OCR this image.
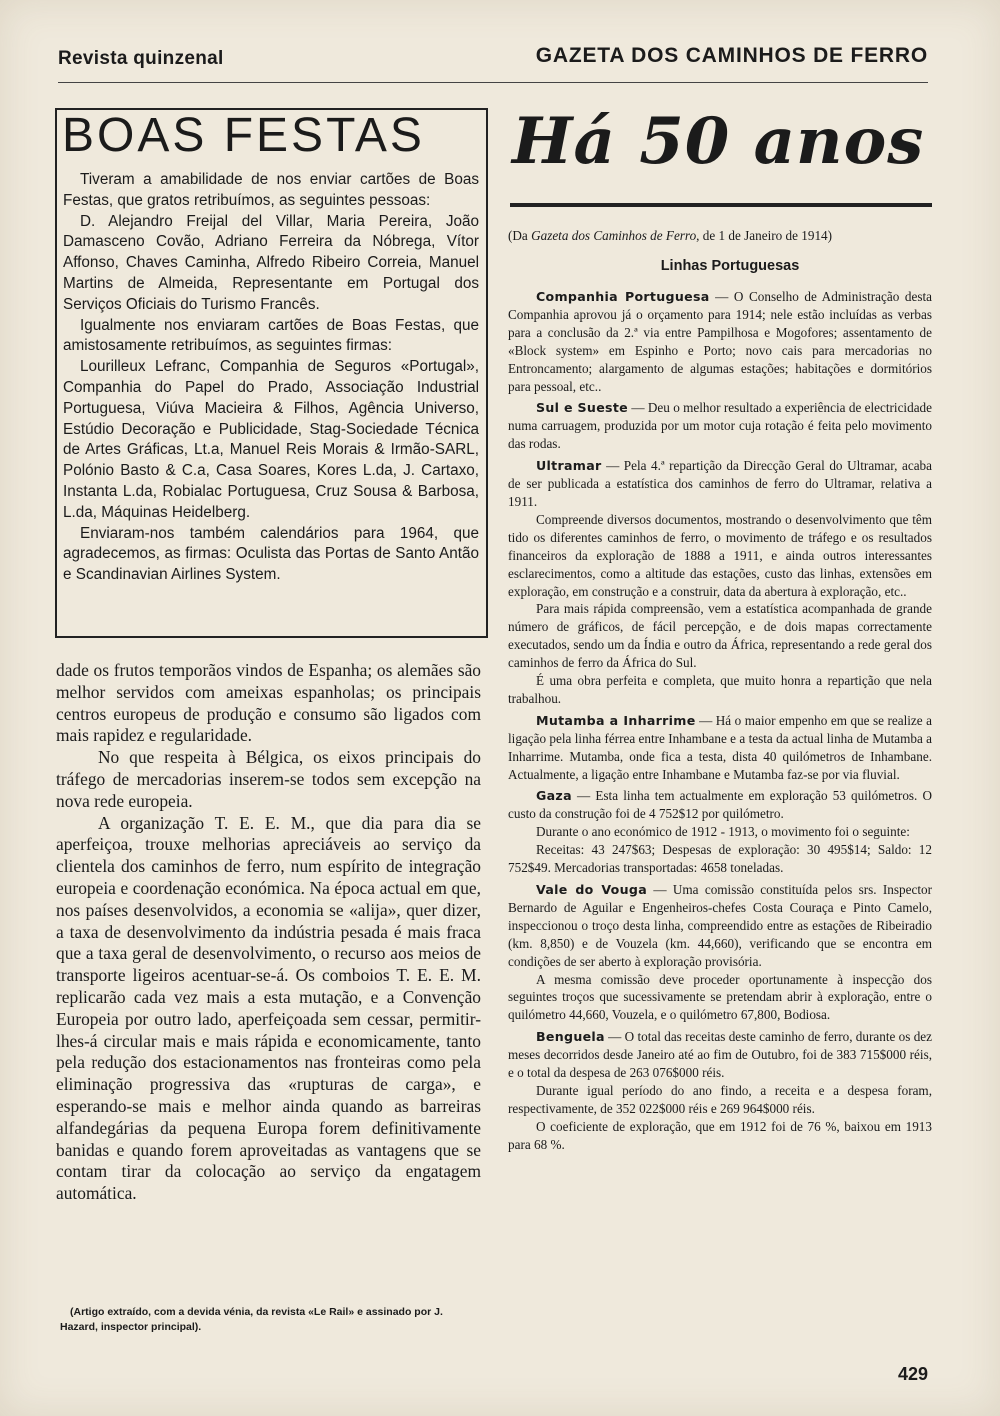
Revista quinzenal	GAZETA DOS CAMINHOS DE FERRO
BOAS FESTAS

Tiveram a amabilidade de nos enviar cartões de Boas Festas, que gratos retribuímos, as seguintes pessoas:

D. Alejandro Freijal del Villar, Maria Pereira, João Damasceno Covão, Adriano Ferreira da Nóbrega, Vítor Affonso, Chaves Caminha, Alfredo Ribeiro Correia, Manuel Martins de Almeida, Representante em Portugal dos Serviços Oficiais do Turismo Francês.

Igualmente nos enviaram cartões de Boas Festas, que amistosamente retribuímos, as seguintes firmas:

Lourilleux Lefranc, Companhia de Seguros «Portugal», Companhia do Papel do Prado, Associação Industrial Portuguesa, Viúva Macieira & Filhos, Agência Universo, Estúdio Decoração e Publicidade, Stag-Sociedade Técnica de Artes Gráficas, Lt.a, Manuel Reis Morais & Irmão-SARL, Polónio Basto & C.a, Casa Soares, Kores L.da, J. Cartaxo, Instanta L.da, Robialac Portuguesa, Cruz Sousa & Barbosa, L.da, Máquinas Heidelberg.

Enviaram-nos também calendários para 1964, que agradecemos, as firmas: Oculista das Portas de Santo Antão e Scandinavian Airlines System.

dade os frutos temporãos vindos de Espanha; os alemães são melhor servidos com ameixas espanholas; os principais centros europeus de produção e consumo são ligados com mais rapidez e regularidade.

No que respeita à Bélgica, os eixos principais do tráfego de mercadorias inserem-se todos sem excepção na nova rede europeia.

A organização T. E. E. M., que dia para dia se aperfeiçoa, trouxe melhorias apreciáveis ao serviço da clientela dos caminhos de ferro, num espírito de integração europeia e coordenação económica. Na época actual em que, nos países desenvolvidos, a economia se «alija», quer dizer, a taxa de desenvolvimento da indústria pesada é mais fraca que a taxa geral de desenvolvimento, o recurso aos meios de transporte ligeiros acentuar-se-á. Os comboios T. E. E. M. replicarão cada vez mais a esta mutação, e a Convenção Europeia por outro lado, aperfeiçoada sem cessar, permitir-lhes-á circular mais e mais rápida e economicamente, tanto pela redução dos estacionamentos nas fronteiras como pela eliminação progressiva das «rupturas de carga», e esperando-se mais e melhor ainda quando as barreiras alfandegárias da pequena Europa forem definitivamente banidas e quando forem aproveitadas as vantagens que se contam tirar da colocação ao serviço da engatagem automática.

(Artigo extraído, com a devida vénia, da revista «Le Rail» e assinado por J. Hazard, inspector principal).
Há 50 anos
(Da Gazeta dos Caminhos de Ferro, de 1 de Janeiro de 1914)
Linhas Portuguesas

Companhia Portuguesa — O Conselho de Administração desta Companhia aprovou já o orçamento para 1914; nele estão incluídas as verbas para a conclusão da 2.ª via entre Pampilhosa e Mogofores; assentamento de «Block system» em Espinho e Porto; novo cais para mercadorias no Entroncamento; alargamento de algumas estações; habitações e dormitórios para pessoal, etc..

Sul e Sueste — Deu o melhor resultado a experiência de electricidade numa carruagem, produzida por um motor cuja rotação é feita pelo movimento das rodas.

Ultramar — Pela 4.ª repartição da Direcção Geral do Ultramar, acaba de ser publicada a estatística dos caminhos de ferro do Ultramar, relativa a 1911.

Compreende diversos documentos, mostrando o desenvolvimento que têm tido os diferentes caminhos de ferro, o movimento de tráfego e os resultados financeiros da exploração de 1888 a 1911, e ainda outros interessantes esclarecimentos, como a altitude das estações, custo das linhas, extensões em exploração, em construção e a construir, data da abertura à exploração, etc..

Para mais rápida compreensão, vem a estatística acompanhada de grande número de gráficos, de fácil percepção, e de dois mapas correctamente executados, sendo um da Índia e outro da África, representando a rede geral dos caminhos de ferro da África do Sul.

É uma obra perfeita e completa, que muito honra a repartição que nela trabalhou.

Mutamba a Inharrime — Há o maior empenho em que se realize a ligação pela linha férrea entre Inhambane e a testa da actual linha de Mutamba a Inharrime. Mutamba, onde fica a testa, dista 40 quilómetros de Inhambane. Actualmente, a ligação entre Inhambane e Mutamba faz-se por via fluvial.

Gaza — Esta linha tem actualmente em exploração 53 quilómetros. O custo da construção foi de 4 752$12 por quilómetro.

Durante o ano económico de 1912 - 1913, o movimento foi o seguinte:

Receitas: 43 247$63; Despesas de exploração: 30 495$14; Saldo: 12 752$49. Mercadorias transportadas: 4658 toneladas.

Vale do Vouga — Uma comissão constituída pelos srs. Inspector Bernardo de Aguilar e Engenheiros-chefes Costa Couraça e Pinto Camelo, inspeccionou o troço desta linha, compreendido entre as estações de Ribeiradio (km. 8,850) e de Vouzela (km. 44,660), verificando que se encontra em condições de ser aberto à exploração provisória.

A mesma comissão deve proceder oportunamente à inspecção dos seguintes troços que sucessivamente se pretendam abrir à exploração, entre o quilómetro 44,660, Vouzela, e o quilómetro 67,800, Bodiosa.

Benguela — O total das receitas deste caminho de ferro, durante os dez meses decorridos desde Janeiro até ao fim de Outubro, foi de 383 715$000 réis, e o total da despesa de 263 076$000 réis.

Durante igual período do ano findo, a receita e a despesa foram, respectivamente, de 352 022$000 réis e 269 964$000 réis.

O coeficiente de exploração, que em 1912 foi de 76 %, baixou em 1913 para 68 %.

429
